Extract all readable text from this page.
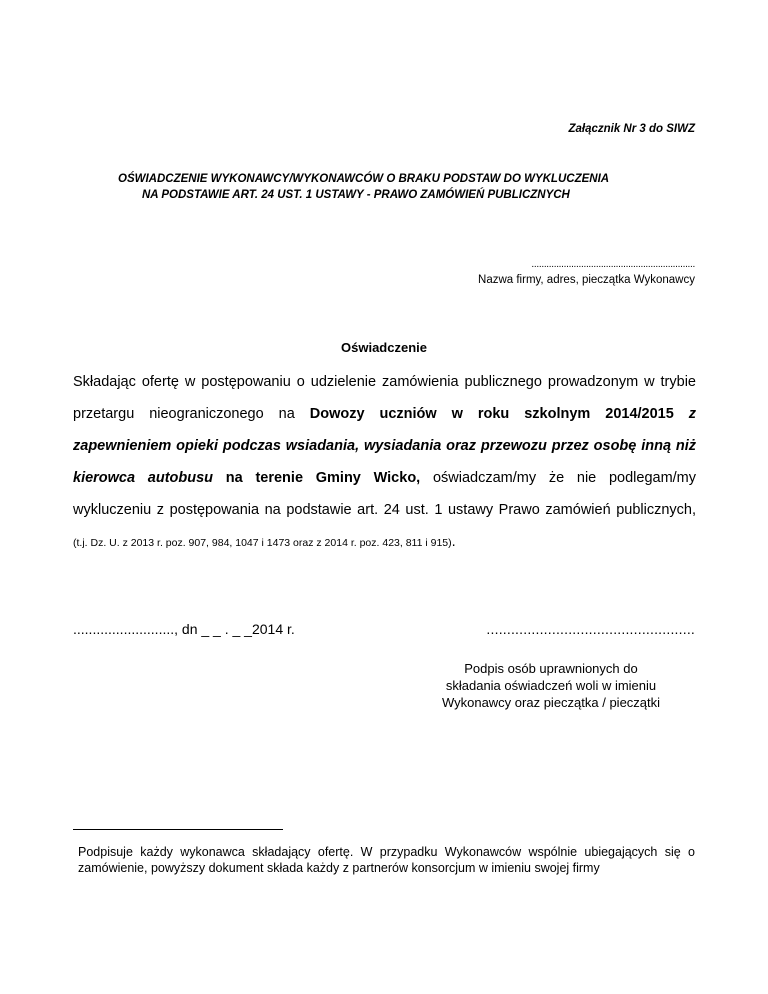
Załącznik Nr 3 do SIWZ
OŚWIADCZENIE WYKONAWCY/WYKONAWCÓW O BRAKU PODSTAW DO WYKLUCZENIA
NA PODSTAWIE ART. 24 UST. 1 USTAWY - PRAWO ZAMÓWIEŃ PUBLICZNYCH
..................................................................
Nazwa firmy, adres, pieczątka Wykonawcy
Oświadczenie
Składając ofertę w postępowaniu o udzielenie zamówienia publicznego prowadzonym w trybie przetargu nieograniczonego na Dowozy uczniów w roku szkolnym 2014/2015 z zapewnieniem opieki podczas wsiadania, wysiadania oraz przewozu przez osobę inną niż kierowca autobusu na terenie Gminy Wicko, oświadczam/my że nie podlegam/my wykluczeniu z postępowania na podstawie art. 24 ust. 1 ustawy Prawo zamówień publicznych, (t.j. Dz. U. z 2013 r. poz. 907, 984, 1047 i 1473 oraz z 2014 r. poz. 423, 811 i 915).
.........................., dn _ _ . _ _2014 r.	...................................................
Podpis osób uprawnionych do
składania oświadczeń woli w imieniu
Wykonawcy oraz pieczątka / pieczątki
Podpisuje każdy wykonawca składający ofertę. W przypadku Wykonawców wspólnie ubiegających się o zamówienie, powyższy dokument składa każdy z partnerów konsorcjum w imieniu swojej firmy
